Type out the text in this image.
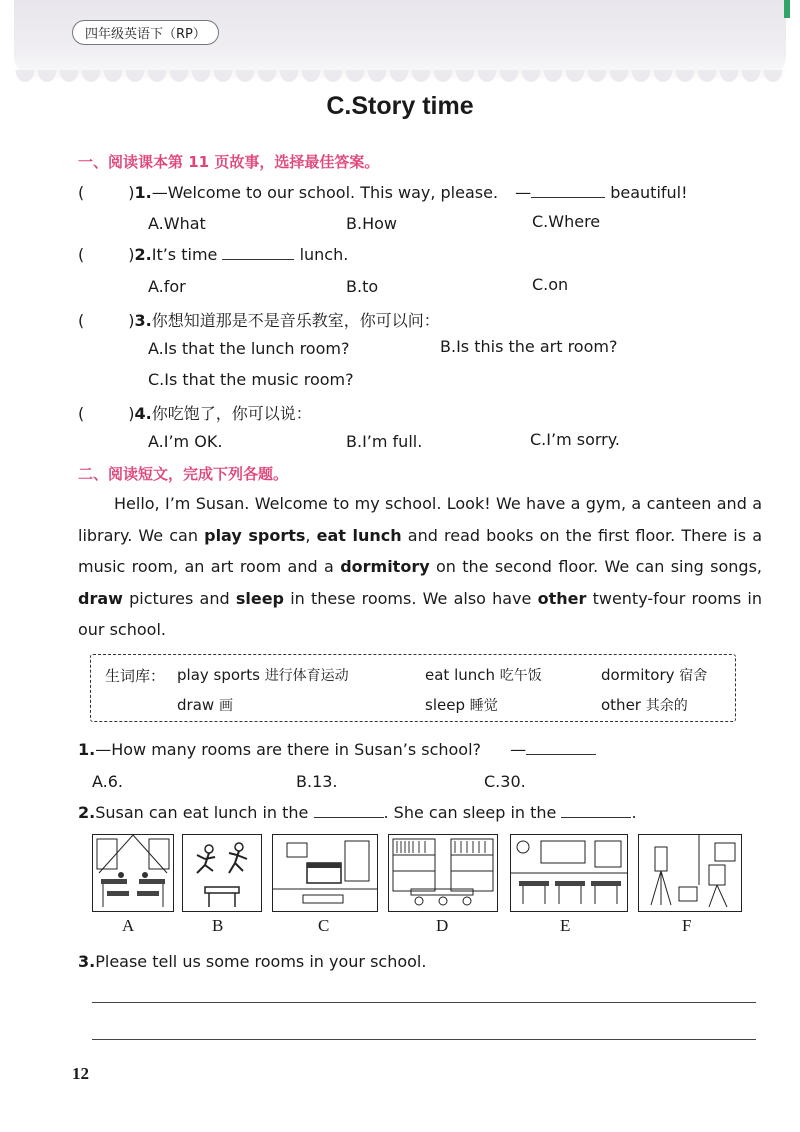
四年级英语下（RP）
C.Story time
一、阅读课本第 11 页故事，选择最佳答案。
(	)1.—Welcome to our school. This way, please. —	beautiful!
A.What	B.How	C.Where
(	)2.It’s time	lunch.
A.for	B.to	C.on
(	)3.你想知道那是不是音乐教室，你可以问：
A.Is that the lunch room?	B.Is this the art room?
C.Is that the music room?
(	)4.你吃饱了，你可以说：
A.I’m OK.	B.I’m full.	C.I’m sorry.
二、阅读短文，完成下列各题。
Hello, I’m Susan. Welcome to my school. Look! We have a gym, a canteen and a library. We can play sports, eat lunch and read books on the first floor. There is a music room, an art room and a dormitory on the second floor. We can sing songs, draw pictures and sleep in these rooms. We also have other twenty-four rooms in our school.
生词库： play sports 进行体育运动	eat lunch 吃午饭	dormitory 宿舍
draw 画	sleep 睡觉	other 其余的
1.—How many rooms are there in Susan’s school? —
A.6.	B.13.	C.30.
2.Susan can eat lunch in the	. She can sleep in the	.
A	B	C	D	E	F
3.Please tell us some rooms in your school.
12
